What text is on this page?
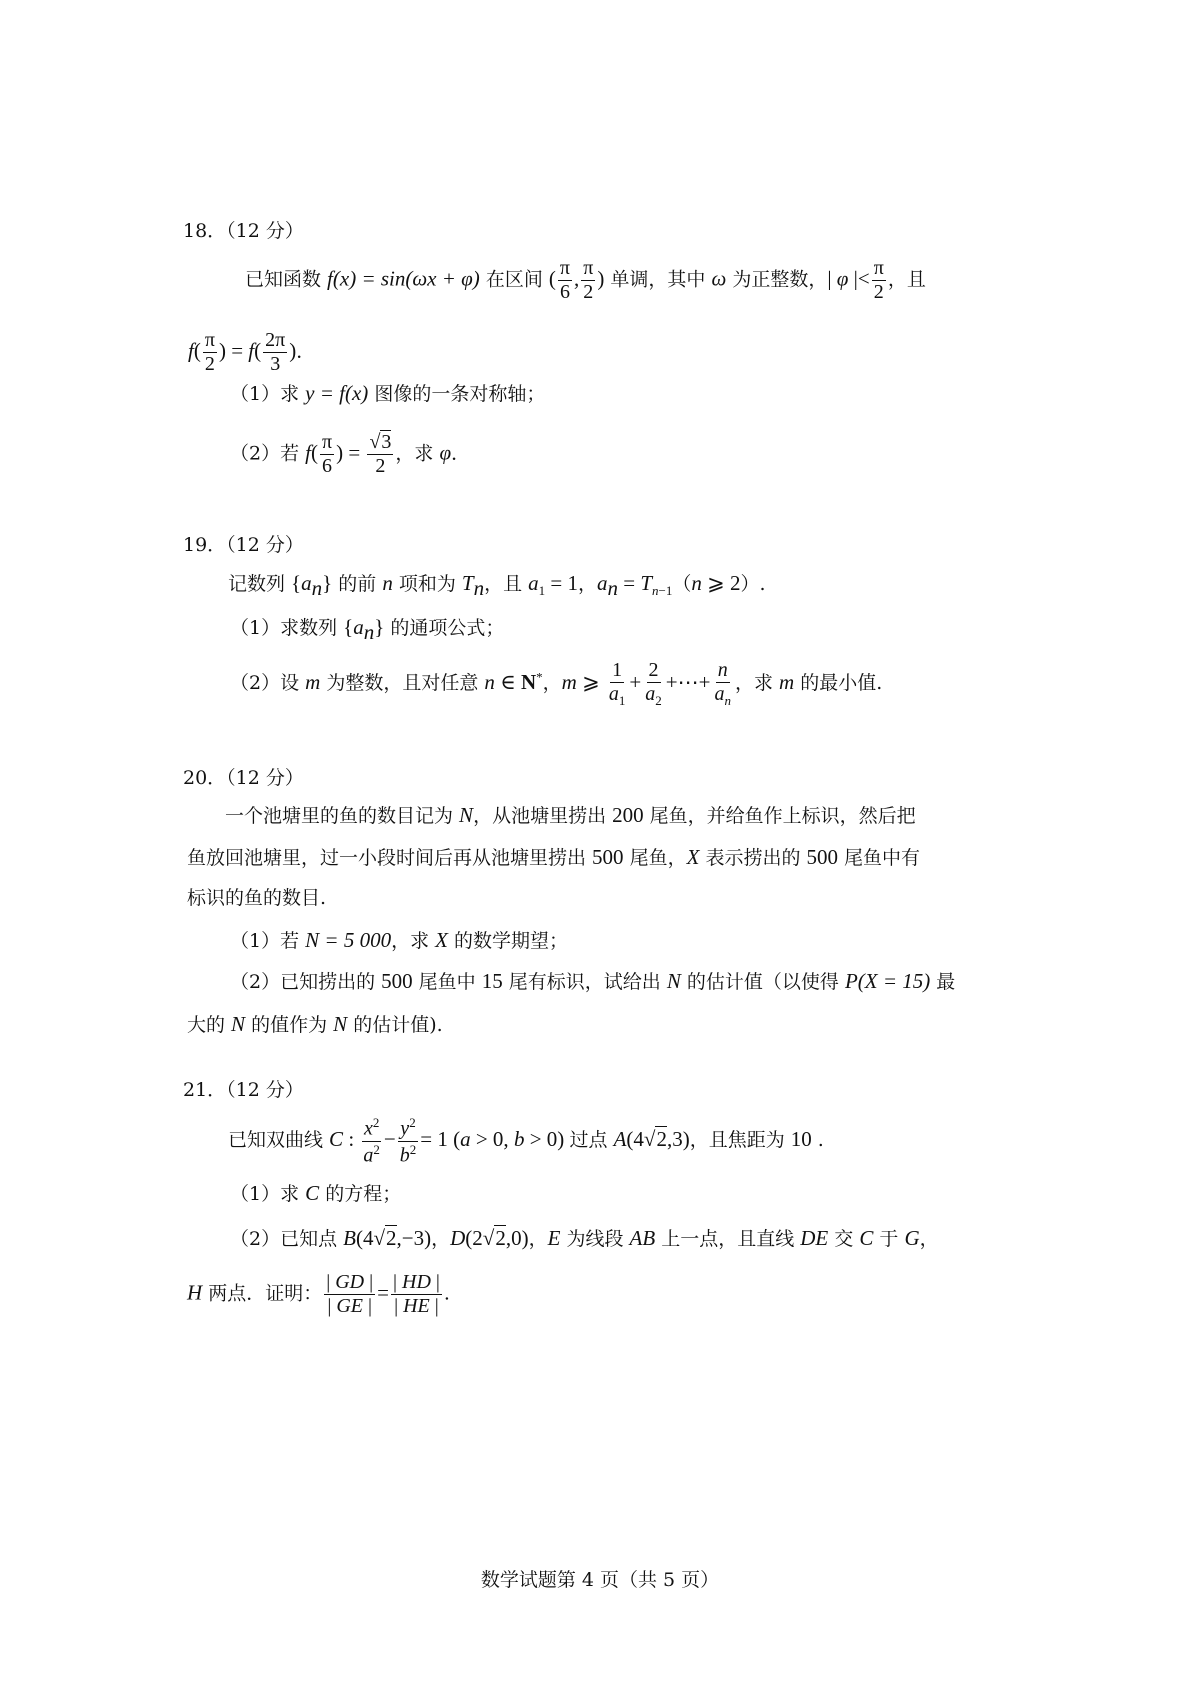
18．（12 分）
已知函数 f(x) = sin(ωx + φ) 在区间 ( $\frac{\pi}{6}$ , $\frac{\pi}{2}$ ) 单调，其中 ω 为正整数，| φ |< $\frac{\pi}{2}$ ，且
$f( \frac{\pi}{2}$ ) = $f( \frac{2\pi}{3}$ )．
（1）求 y = f(x) 图像的一条对称轴；
（2）若 $f( \frac{\pi}{6}$ ) = $\frac{√3}{2}$ ，求 φ．
19．（12 分）
记数列 $\{a_n\}$ 的前 n 项和为 $T_n$，且 $a_1 = 1$，$a_n = T_{n-1}(n$ ⩾ 2）.
（1）求数列 $\{a_n\}$ 的通项公式；
（2）设 m 为整数，且对任意 n ∈ N*，m ⩾ $\frac{1}{a_1} + \frac{2}{a_2}$ +⋯+ $\frac{n}{a_n}$ ，求 m 的最小值.
20．（12 分）
一个池塘里的鱼的数目记为 N，从池塘里捞出 200 尾鱼，并给鱼作上标识，然后把
鱼放回池塘里，过一小段时间后再从池塘里捞出 500 尾鱼，X 表示捞出的 500 尾鱼中有
标识的鱼的数目.
（1）若 N = 5 000，求 X 的数学期望；
（2）已知捞出的 500 尾鱼中 15 尾有标识，试给出 N 的估计值（以使得 P(X = 15) 最
大的 N 的值作为 N 的估计值).
21．（12 分）
已知双曲线 C : $\frac{x^2}{a^2} - \frac{y^2}{b^2} = 1$ (a > 0, b > 0) 过点 A(4√2,3)，且焦距为 10 .
（1）求 C 的方程；
（2）已知点 B(4√2,−3)，D(2√2,0)，E 为线段 AB 上一点，且直线 DE 交 C 于 G，
H 两点．证明： $\frac{| GD |}{| GE |} = \frac{| HD |}{| HE |}$ .
数学试题第 4 页（共 5 页）
